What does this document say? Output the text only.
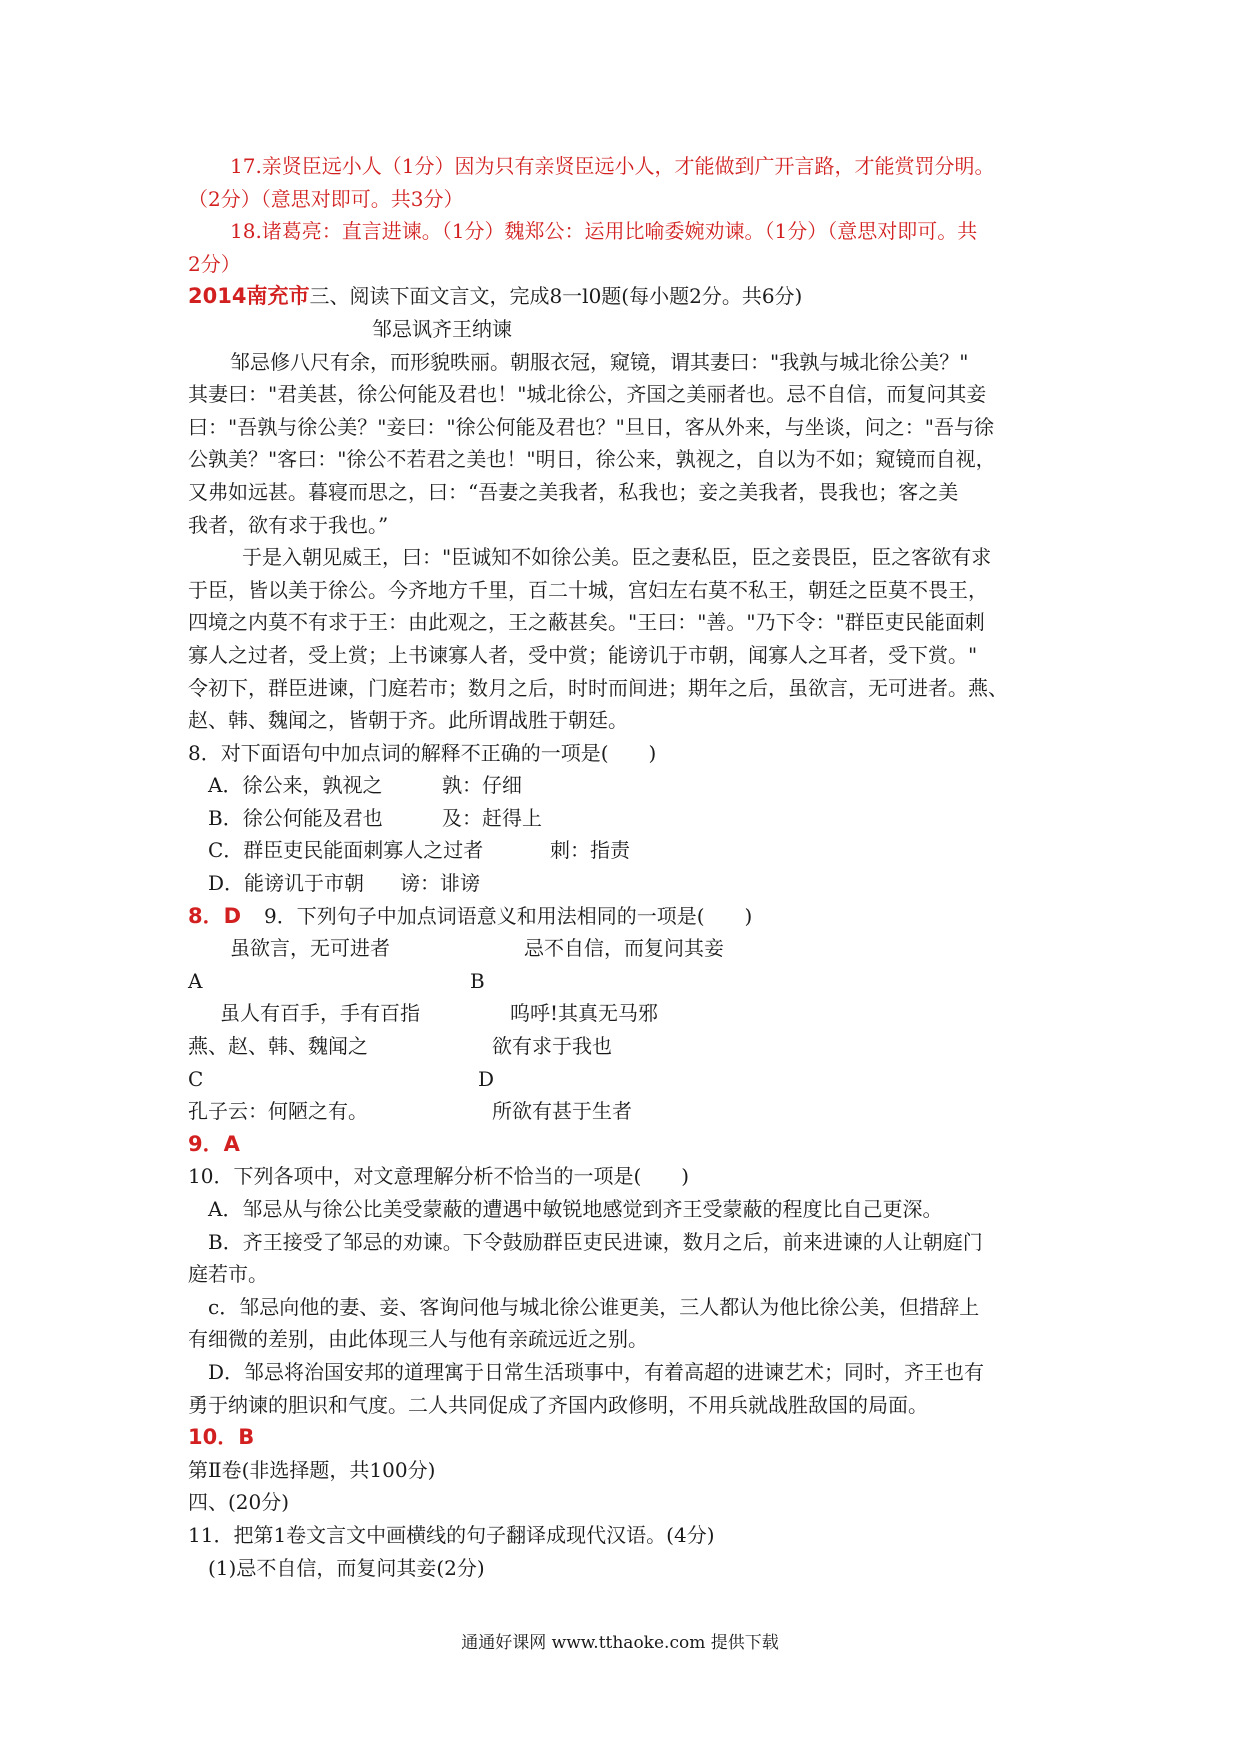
17.亲贤臣远小人（1分）因为只有亲贤臣远小人，才能做到广开言路，才能赏罚分明。

（2分）（意思对即可。共3分）

18.诸葛亮：直言进谏。（1分）魏郑公：运用比喻委婉劝谏。（1分）（意思对即可。共

2分）

2014南充市三、阅读下面文言文，完成8一l0题(每小题2分。共6分)

邹忌讽齐王纳谏

邹忌修八尺有余，而形貌昳丽。朝服衣冠，窥镜，谓其妻曰："我孰与城北徐公美？"

其妻曰："君美甚，徐公何能及君也！"城北徐公，齐国之美丽者也。忌不自信，而复问其妾

曰："吾孰与徐公美？"妾曰："徐公何能及君也？"旦日，客从外来，与坐谈，问之："吾与徐

公孰美？"客曰："徐公不若君之美也！"明日，徐公来，孰视之，自以为不如；窥镜而自视，

又弗如远甚。暮寝而思之，曰：“吾妻之美我者，私我也；妾之美我者，畏我也；客之美

我者，欲有求于我也。”

于是入朝见威王，曰："臣诚知不如徐公美。臣之妻私臣，臣之妾畏臣，臣之客欲有求

于臣，皆以美于徐公。今齐地方千里，百二十城，宫妇左右莫不私王，朝廷之臣莫不畏王，

四境之内莫不有求于王：由此观之，王之蔽甚矣。"王曰："善。"乃下令："群臣吏民能面刺

寡人之过者，受上赏；上书谏寡人者，受中赏；能谤讥于市朝，闻寡人之耳者，受下赏。"

令初下，群臣进谏，门庭若市；数月之后，时时而间进；期年之后，虽欲言，无可进者。燕、

赵、韩、魏闻之，皆朝于齐。此所谓战胜于朝廷。

8．对下面语句中加点词的解释不正确的一项是(　　)

A．徐公来，孰视之	孰：仔细
B．徐公何能及君也	及：赶得上
C．群臣吏民能面刺寡人之过者	刺：指责
D．能谤讥于市朝 谤：诽谤
8．D 9．下列句子中加点词语意义和用法相同的一项是(　　)
虽欲言，无可进者	忌不自信，而复问其妾
A	B
虽人有百手，手有百指	呜呼!其真无马邪
燕、赵、韩、魏闻之	欲有求于我也
C	D
孔子云：何陋之有。	所欲有甚于生者

9．A

10．下列各项中，对文意理解分析不恰当的一项是(　　)

A．邹忌从与徐公比美受蒙蔽的遭遇中敏锐地感觉到齐王受蒙蔽的程度比自己更深。

B．齐王接受了邹忌的劝谏。下令鼓励群臣吏民进谏，数月之后，前来进谏的人让朝庭门

庭若市。

c．邹忌向他的妻、妾、客询问他与城北徐公谁更美，三人都认为他比徐公美，但措辞上

有细微的差别，由此体现三人与他有亲疏远近之别。

D．邹忌将治国安邦的道理寓于日常生活琐事中，有着高超的进谏艺术；同时，齐王也有

勇于纳谏的胆识和气度。二人共同促成了齐国内政修明，不用兵就战胜敌国的局面。

10．B

第Ⅱ卷(非选择题，共100分)

四、(20分)

11．把第1卷文言文中画横线的句子翻译成现代汉语。(4分)

(1)忌不自信，而复问其妾(2分)

通通好课网 www.tthaoke.com 提供下载
